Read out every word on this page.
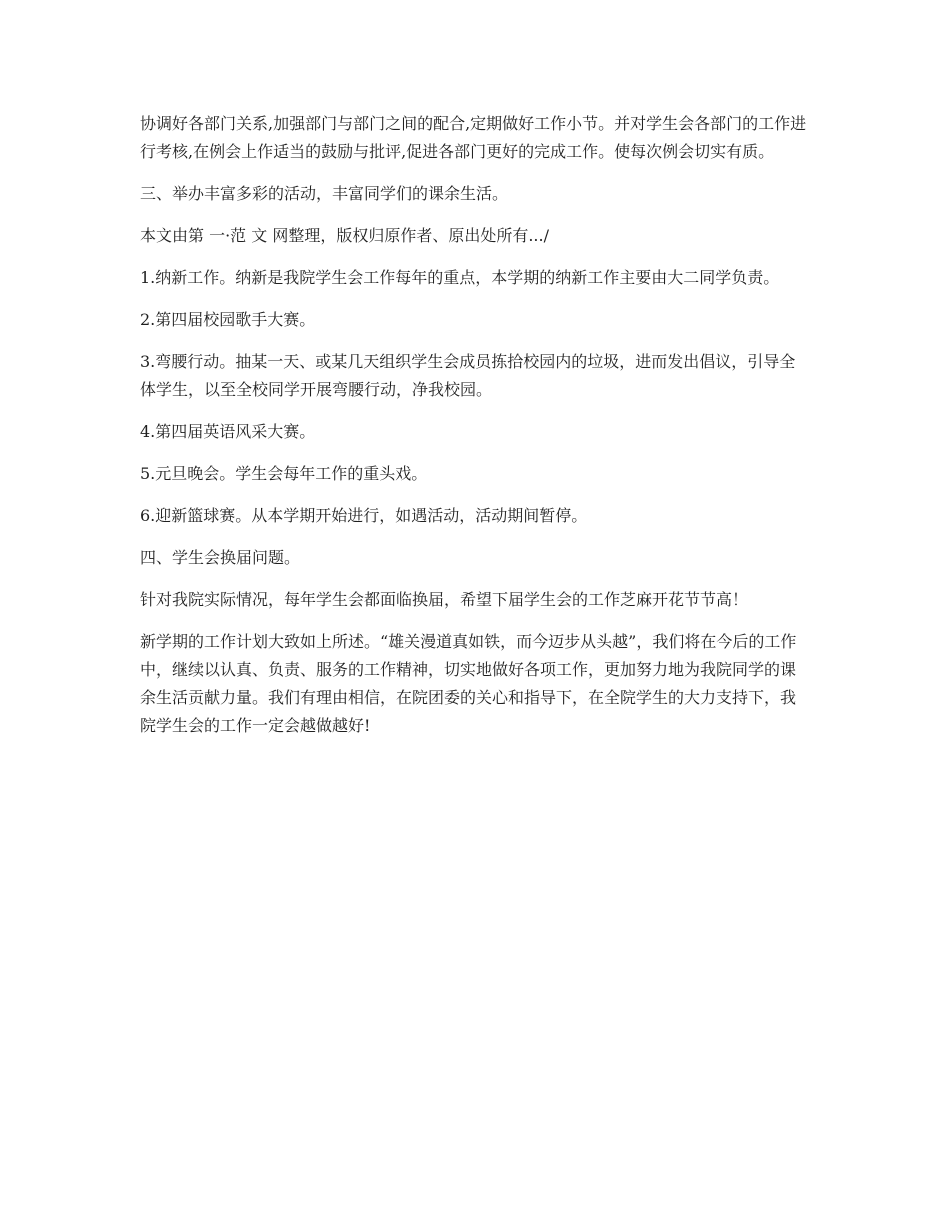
协调好各部门关系,加强部门与部门之间的配合,定期做好工作小节。并对学生会各部门的工作进行考核,在例会上作适当的鼓励与批评,促进各部门更好的完成工作。使每次例会切实有质。

三、举办丰富多彩的活动，丰富同学们的课余生活。

本文由第 一·范 文 网整理，版权归原作者、原出处所有.../

1.纳新工作。纳新是我院学生会工作每年的重点，本学期的纳新工作主要由大二同学负责。

2.第四届校园歌手大赛。

3.弯腰行动。抽某一天、或某几天组织学生会成员拣拾校园内的垃圾，进而发出倡议，引导全体学生，以至全校同学开展弯腰行动，净我校园。

4.第四届英语风采大赛。

5.元旦晚会。学生会每年工作的重头戏。

6.迎新篮球赛。从本学期开始进行，如遇活动，活动期间暂停。

四、学生会换届问题。

针对我院实际情况，每年学生会都面临换届，希望下届学生会的工作芝麻开花节节高！

新学期的工作计划大致如上所述。“雄关漫道真如铁，而今迈步从头越”，我们将在今后的工作中，继续以认真、负责、服务的工作精神，切实地做好各项工作，更加努力地为我院同学的课余生活贡献力量。我们有理由相信，在院团委的关心和指导下，在全院学生的大力支持下，我院学生会的工作一定会越做越好!
